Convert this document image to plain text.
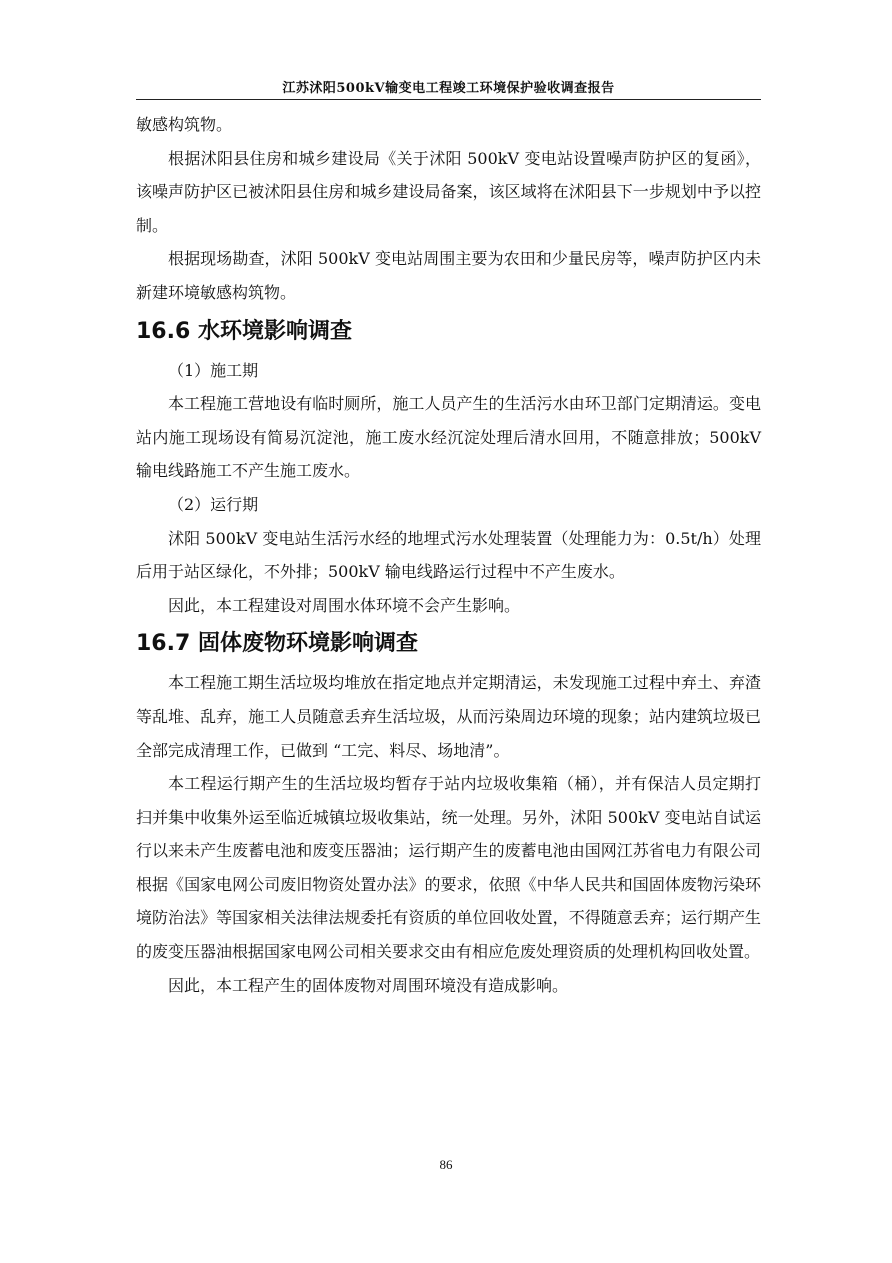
江苏沭阳500kV输变电工程竣工环境保护验收调查报告

敏感构筑物。

根据沭阳县住房和城乡建设局《关于沭阳 500kV 变电站设置噪声防护区的复函》，该噪声防护区已被沭阳县住房和城乡建设局备案，该区域将在沭阳县下一步规划中予以控制。

根据现场勘查，沭阳 500kV 变电站周围主要为农田和少量民房等，噪声防护区内未新建环境敏感构筑物。

16.6 水环境影响调查

（1）施工期

本工程施工营地设有临时厕所，施工人员产生的生活污水由环卫部门定期清运。变电站内施工现场设有简易沉淀池，施工废水经沉淀处理后清水回用，不随意排放；500kV 输电线路施工不产生施工废水。

（2）运行期

沭阳 500kV 变电站生活污水经的地埋式污水处理装置（处理能力为：0.5t/h）处理后用于站区绿化，不外排；500kV 输电线路运行过程中不产生废水。

因此，本工程建设对周围水体环境不会产生影响。

16.7 固体废物环境影响调查

本工程施工期生活垃圾均堆放在指定地点并定期清运，未发现施工过程中弃土、弃渣等乱堆、乱弃，施工人员随意丢弃生活垃圾，从而污染周边环境的现象；站内建筑垃圾已全部完成清理工作，已做到 “工完、料尽、场地清”。

本工程运行期产生的生活垃圾均暂存于站内垃圾收集箱（桶），并有保洁人员定期打扫并集中收集外运至临近城镇垃圾收集站，统一处理。另外，沭阳 500kV 变电站自试运行以来未产生废蓄电池和废变压器油；运行期产生的废蓄电池由国网江苏省电力有限公司根据《国家电网公司废旧物资处置办法》的要求，依照《中华人民共和国固体废物污染环境防治法》等国家相关法律法规委托有资质的单位回收处置，不得随意丢弃；运行期产生的废变压器油根据国家电网公司相关要求交由有相应危废处理资质的处理机构回收处置。

因此，本工程产生的固体废物对周围环境没有造成影响。

86
